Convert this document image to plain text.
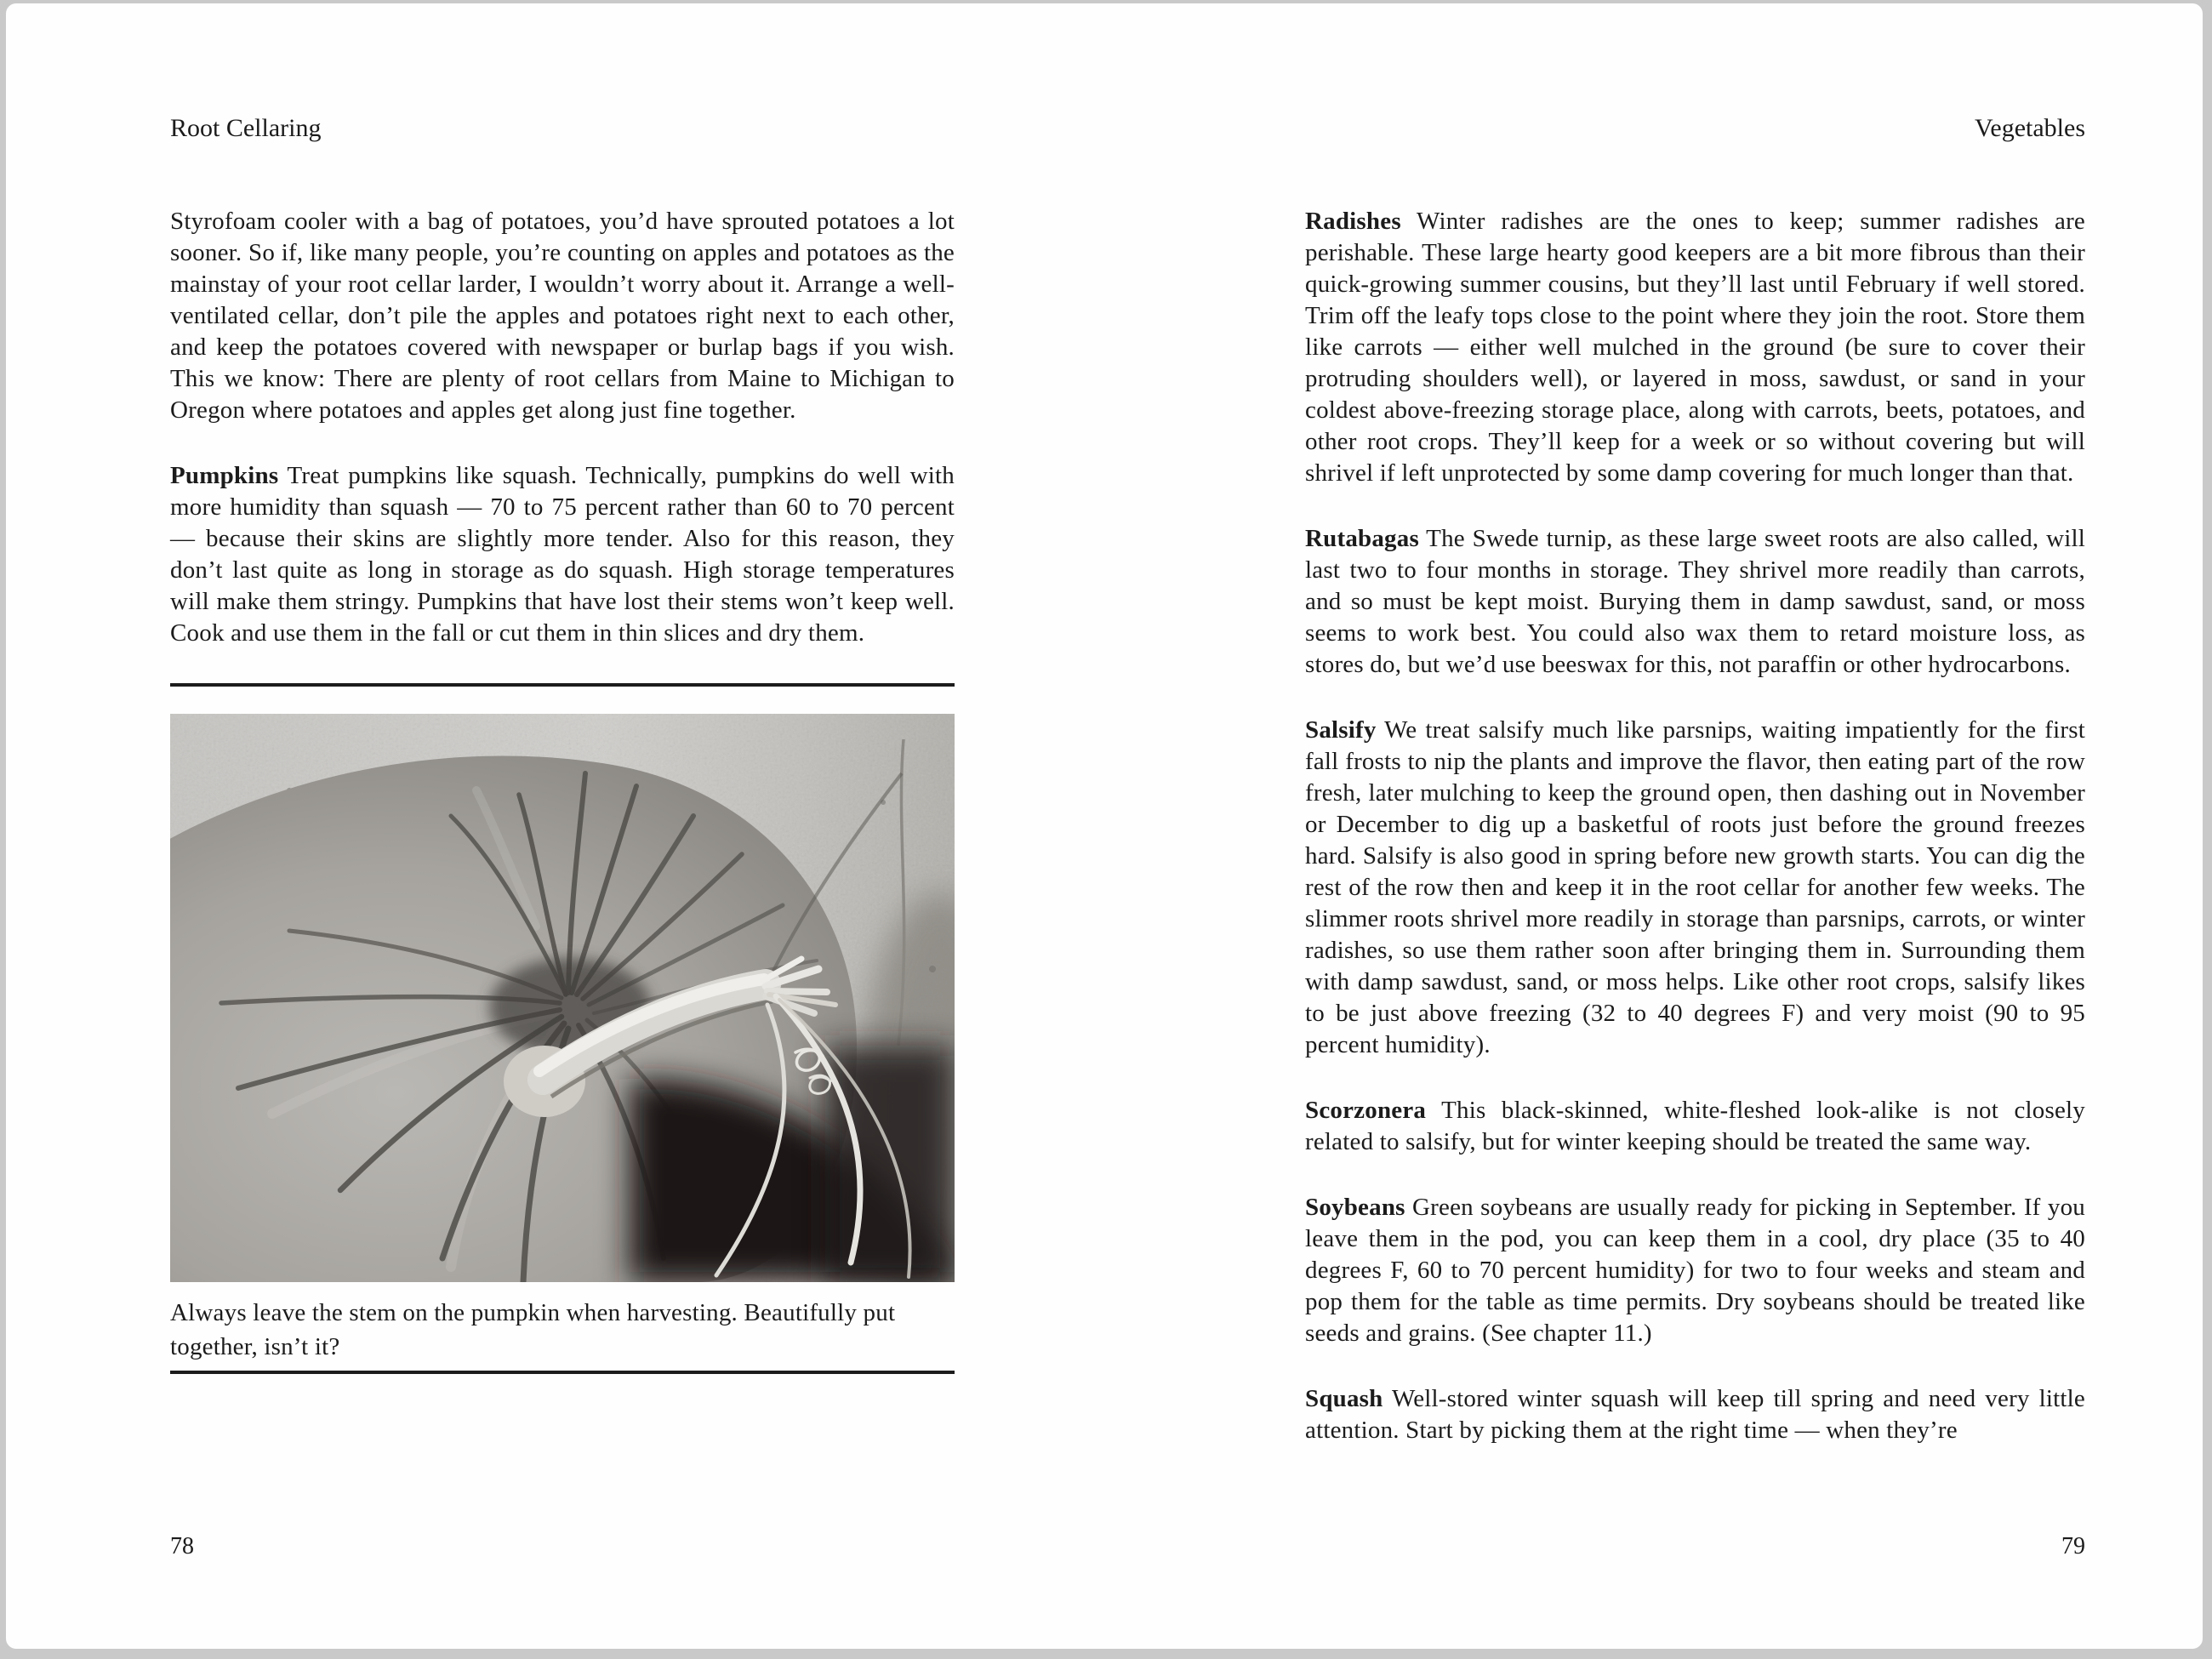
Root Cellaring	Vegetables

Styrofoam cooler with a bag of potatoes, you’d have sprouted potatoes a lot sooner. So if, like many people, you’re counting on apples and potatoes as the mainstay of your root cellar larder, I wouldn’t worry about it. Arrange a well-ventilated cellar, don’t pile the apples and potatoes right next to each other, and keep the potatoes covered with newspaper or burlap bags if you wish. This we know: There are plenty of root cellars from Maine to Michigan to Oregon where potatoes and apples get along just fine together.

Pumpkins Treat pumpkins like squash. Technically, pumpkins do well with more humidity than squash — 70 to 75 percent rather than 60 to 70 percent — because their skins are slightly more tender. Also for this reason, they don’t last quite as long in storage as do squash. High storage temperatures will make them stringy. Pumpkins that have lost their stems won’t keep well. Cook and use them in the fall or cut them in thin slices and dry them.

Always leave the stem on the pumpkin when harvesting. Beautifully put together, isn’t it?

Radishes Winter radishes are the ones to keep; summer radishes are perishable. These large hearty good keepers are a bit more fibrous than their quick-growing summer cousins, but they’ll last until February if well stored. Trim off the leafy tops close to the point where they join the root. Store them like carrots — either well mulched in the ground (be sure to cover their protruding shoulders well), or layered in moss, sawdust, or sand in your coldest above-freezing storage place, along with carrots, beets, potatoes, and other root crops. They’ll keep for a week or so without covering but will shrivel if left unprotected by some damp covering for much longer than that.

Rutabagas The Swede turnip, as these large sweet roots are also called, will last two to four months in storage. They shrivel more readily than carrots, and so must be kept moist. Burying them in damp sawdust, sand, or moss seems to work best. You could also wax them to retard moisture loss, as stores do, but we’d use beeswax for this, not paraffin or other hydrocarbons.

Salsify We treat salsify much like parsnips, waiting impatiently for the first fall frosts to nip the plants and improve the flavor, then eating part of the row fresh, later mulching to keep the ground open, then dashing out in November or December to dig up a basketful of roots just before the ground freezes hard. Salsify is also good in spring before new growth starts. You can dig the rest of the row then and keep it in the root cellar for another few weeks. The slimmer roots shrivel more readily in storage than parsnips, carrots, or winter radishes, so use them rather soon after bringing them in. Surrounding them with damp sawdust, sand, or moss helps. Like other root crops, salsify likes to be just above freezing (32 to 40 degrees F) and very moist (90 to 95 percent humidity).

Scorzonera This black-skinned, white-fleshed look-alike is not closely related to salsify, but for winter keeping should be treated the same way.

Soybeans Green soybeans are usually ready for picking in September. If you leave them in the pod, you can keep them in a cool, dry place (35 to 40 degrees F, 60 to 70 percent humidity) for two to four weeks and steam and pop them for the table as time permits. Dry soybeans should be treated like seeds and grains. (See chapter 11.)

Squash Well-stored winter squash will keep till spring and need very little attention. Start by picking them at the right time — when they’re

78	79
